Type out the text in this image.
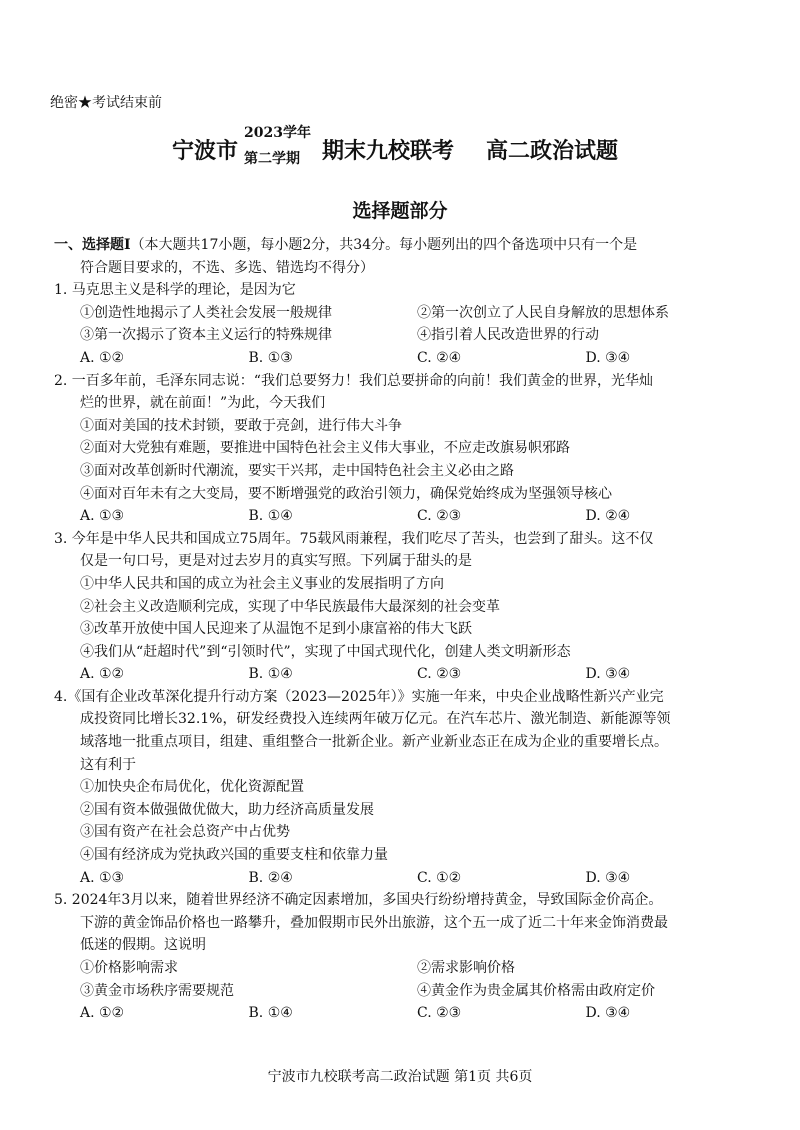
绝密★考试结束前
宁波市
2023学年
第二学期 期末九校联考 高二政治试题
选择题部分
一、选择题Ⅰ（本大题共17小题，每小题2分，共34分。每小题列出的四个备选项中只有一个是
符合题目要求的，不选、多选、错选均不得分）
1. 马克思主义是科学的理论，是因为它
①创造性地揭示了人类社会发展一般规律	②第一次创立了人民自身解放的思想体系
③第一次揭示了资本主义运行的特殊规律	④指引着人民改造世界的行动
A. ①②	B. ①③	C. ②④	D. ③④
2. 一百多年前，毛泽东同志说：“我们总要努力！我们总要拼命的向前！我们黄金的世界，光华灿
烂的世界，就在前面！”为此，今天我们
①面对美国的技术封锁，要敢于亮剑，进行伟大斗争
②面对大党独有难题，要推进中国特色社会主义伟大事业，不应走改旗易帜邪路
③面对改革创新时代潮流，要实干兴邦，走中国特色社会主义必由之路
④面对百年未有之大变局，要不断增强党的政治引领力，确保党始终成为坚强领导核心
A. ①③	B. ①④	C. ②③	D. ②④
3. 今年是中华人民共和国成立75周年。75载风雨兼程，我们吃尽了苦头，也尝到了甜头。这不仅
仅是一句口号，更是对过去岁月的真实写照。下列属于甜头的是
①中华人民共和国的成立为社会主义事业的发展指明了方向
②社会主义改造顺利完成，实现了中华民族最伟大最深刻的社会变革
③改革开放使中国人民迎来了从温饱不足到小康富裕的伟大飞跃
④我们从“赶超时代”到“引领时代”，实现了中国式现代化，创建人类文明新形态
A. ①②	B. ①④	C. ②③	D. ③④
4.《国有企业改革深化提升行动方案（2023—2025年）》实施一年来，中央企业战略性新兴产业完
成投资同比增长32.1%，研发经费投入连续两年破万亿元。在汽车芯片、激光制造、新能源等领
域落地一批重点项目，组建、重组整合一批新企业。新产业新业态正在成为企业的重要增长点。
这有利于
①加快央企布局优化，优化资源配置
②国有资本做强做优做大，助力经济高质量发展
③国有资产在社会总资产中占优势
④国有经济成为党执政兴国的重要支柱和依靠力量
A. ①③	B. ②④	C. ①②	D. ③④
5. 2024年3月以来，随着世界经济不确定因素增加，多国央行纷纷增持黄金，导致国际金价高企。
下游的黄金饰品价格也一路攀升，叠加假期市民外出旅游，这个五一成了近二十年来金饰消费最
低迷的假期。这说明
①价格影响需求	②需求影响价格
③黄金市场秩序需要规范	④黄金作为贵金属其价格需由政府定价
A. ①②	B. ①④	C. ②③	D. ③④
宁波市九校联考高二政治试题 第1页 共6页
